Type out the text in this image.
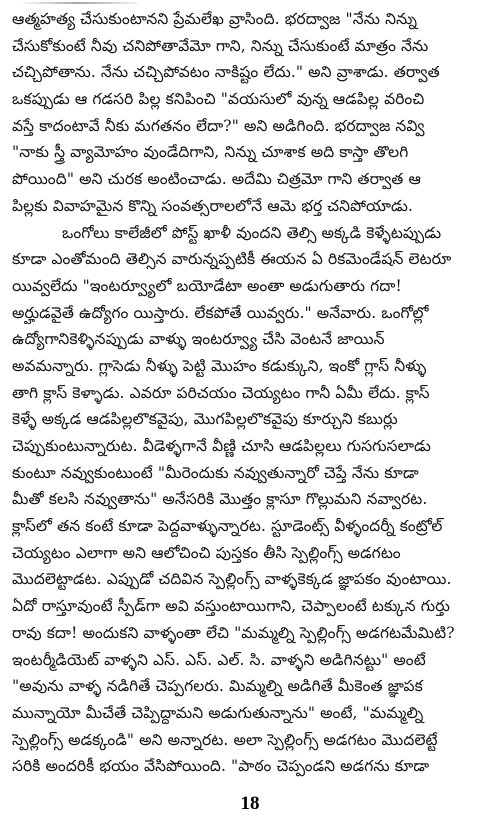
ఆత్మహత్య చేసుకుంటానని ప్రేమలేఖ వ్రాసింది. భరద్వాజ "నేను నిన్ను
చేసుకోకుంటే నీవు చనిపోతావేమో గాని, నిన్ను చేసుకుంటే మాత్రం నేను
చచ్చిపోతాను. నేను చచ్చిపోవటం నాకిష్టం లేదు." అని వ్రాశాడు. తర్వాత
ఒకప్పుడు ఆ గడసరి పిల్ల కనిపించి "వయసులో వున్న ఆడపిల్ల వరించి
వస్తే కాదంటావే నీకు మగతనం లేదా?" అని అడిగింది. భరద్వాజ నవ్వి
"నాకు స్త్రీ వ్యామోహం వుండేదిగాని, నిన్ను చూశాక అది కాస్తా తొలగి
పోయింది" అని చురక అంటించాడు. అదేమి చిత్రమో గాని తర్వాత ఆ
పిల్లకు వివాహమైన కొన్ని సంవత్సరాలలోనే ఆమె భర్త చనిపోయాడు.
ఒంగోలు కాలేజీలో పోస్ట్ ఖాళీ వుందని తెల్సి అక్కడి కెళ్ళేటప్పుడు
కూడా ఎంతోమంది తెల్సిన వారున్నప్పటికీ ఈయన ఏ రికమెండేషన్ లెటరూ
యివ్వలేదు "ఇంటర్వ్యూలో బయోడేటా అంతా అడుగుతారు గదా!
అర్హుడవైతే ఉద్యోగం యిస్తారు. లేకపోతే యివ్వరు." అనేవారు. ఒంగోల్లో
ఉద్యోగానికెళ్ళినప్పుడు వాళ్ళు ఇంటర్వ్యూ చేసి వెంటనే జాయిన్
అవమన్నారు. గ్లాసెడు నీళ్ళు పెట్టి మొహం కడుక్కుని, ఇంకో గ్లాస్ నీళ్ళు
తాగి క్లాస్ కెళ్ళాడు. ఎవరూ పరిచయం చెయ్యటం గానీ ఏమీ లేదు. క్లాస్
కెళ్ళే అక్కడ ఆడపిల్లలొకవైపు, మొగపిల్లలొకవైపు కూర్చుని కబుర్లు
చెప్పుకుంటున్నారుట. వీడెళ్ళగానే వీణ్ణి చూసి ఆడపిల్లలు గుసగుసలాడు
కుంటూ నవ్వుకుంటుంటే "మీరెందుకు నవ్వుతున్నారో చెప్తే నేను కూడా
మీతో కలసి నవ్వుతాను" అనేసరికి మొత్తం క్లాసూ గొల్లుమని నవ్వారట.
క్లాస్‌లో తన కంటే కూడా పెద్దవాళ్ళున్నారట. స్టూడెంట్స్ వీళ్ళందర్నీ కంట్రోల్
చెయ్యటం ఎలాగా అని ఆలోచించి పుస్తకం తీసి స్పెల్లింగ్స్ అడగటం
మొదలెట్టాడట. ఎప్పుడో చదివిన స్పెల్లింగ్స్ వాళ్ళకెక్కడ జ్ఞాపకం వుంటాయి.
ఏదో రాస్తూవుంటే స్పీడ్‌గా అవి వస్తుంటాయిగాని, చెప్పాలంటే టక్కున గుర్తు
రావు కదా! అందుకని వాళ్ళంతా లేచి "మమ్మల్ని స్పెల్లింగ్స్ అడగటమేమిటి?
ఇంటర్మీడియెట్ వాళ్ళని ఎస్. ఎస్. ఎల్. సి. వాళ్ళని అడిగినట్టు" అంటే
"అవును వాళ్ళ నడిగితే చెప్పగలరు. మిమ్మల్ని అడిగితే మీకెంత జ్ఞాపక
మున్నాయో మీచేతే చెప్పిద్దామని అడుగుతున్నాను" అంటే, "మమ్మల్ని
స్పెల్లింగ్స్ అడక్కండి" అని అన్నారట. అలా స్పెల్లింగ్స్ అడగటం మొదలెట్టే
సరికి అందరికీ భయం వేసిపోయింది. "పాఠం చెప్పండని అడగను కూడా
18
